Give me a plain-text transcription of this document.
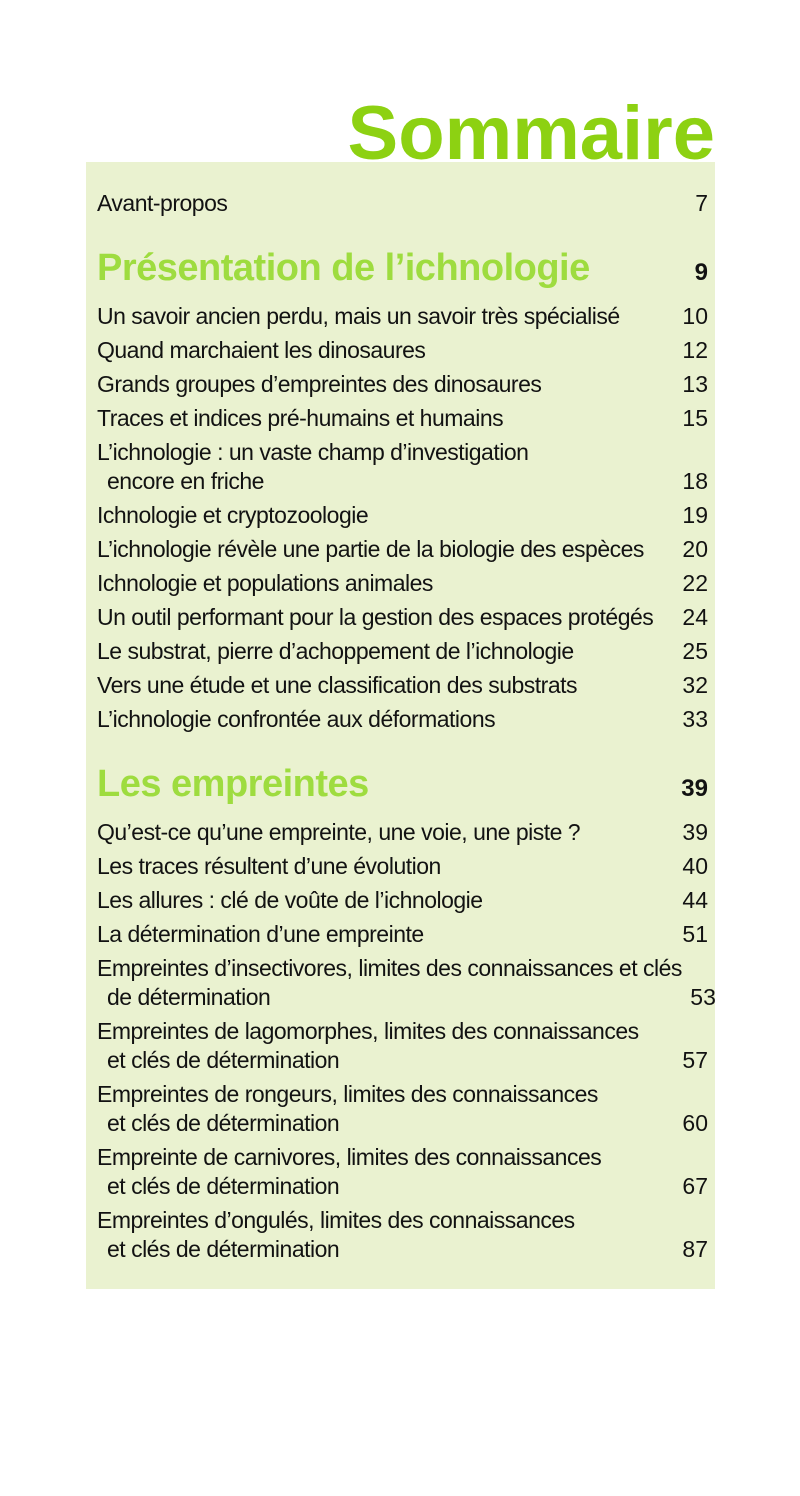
Sommaire
Avant-propos	7
Présentation de l’ichnologie	9
Un savoir ancien perdu, mais un savoir très spécialisé	10
Quand marchaient les dinosaures	12
Grands groupes d’empreintes des dinosaures	13
Traces et indices pré-humains et humains	15
L’ichnologie : un vaste champ d’investigation
encore en friche	18
Ichnologie et cryptozoologie	19
L’ichnologie révèle une partie de la biologie des espèces	20
Ichnologie et populations animales	22
Un outil performant pour la gestion des espaces protégés	24
Le substrat, pierre d’achoppement de l’ichnologie	25
Vers une étude et une classification des substrats	32
L’ichnologie confrontée aux déformations	33
Les empreintes	39
Qu’est-ce qu’une empreinte, une voie, une piste ?	39
Les traces résultent d’une évolution	40
Les allures : clé de voûte de l’ichnologie	44
La détermination d’une empreinte	51
Empreintes d’insectivores, limites des connaissances et clés
de détermination	53
Empreintes de lagomorphes, limites des connaissances
et clés de détermination	57
Empreintes de rongeurs, limites des connaissances
et clés de détermination	60
Empreinte de carnivores, limites des connaissances
et clés de détermination	67
Empreintes d’ongulés, limites des connaissances
et clés de détermination	87
